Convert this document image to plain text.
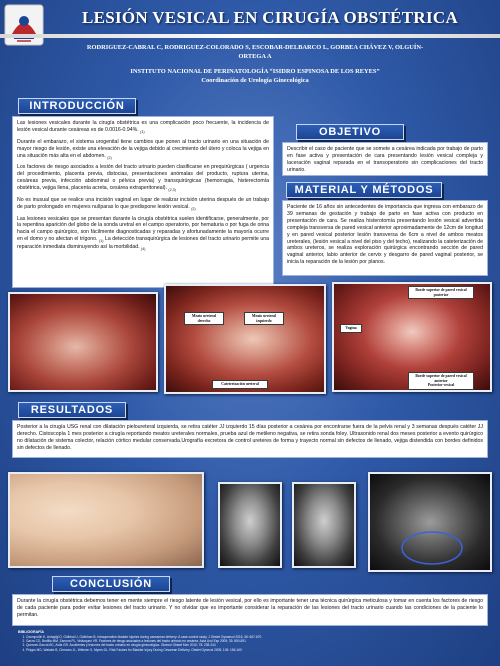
LESIÓN VESICAL EN CIRUGÍA OBSTÉTRICA
RODRIGUEZ-CABRAL C, RODRIGUEZ-COLORADO S, ESCOBAR-DELBARCO L, GORBEA CHÁVEZ V, OLGUÍN-ORTEGA A
INSTITUTO NACIONAL DE PERINATOLOGÍA “ISIDRO ESPINOSA DE LOS REYES”
Coordinación de Urología Ginecológica
INTRODUCCIÓN

Las lesiones vesicales durante la cirugía obstétrica es una complicación poco frecuente, la incidencia de lesión vesical durante cesáreas es de 0.0016-0.94%. $_{(1)}$

Durante el embarazo, el sistema urogenital tiene cambios que ponen al tracto urinario en una situación de mayor riesgo de lesión, existe una elevación de la vejiga debido al crecimiento del útero y coloca la vejiga en una situación más alta en el abdomen. $_{(2)}$

Los factores de riesgo asociados a lesión del tracto urinario pueden clasificarse en prequirúrgicas ( urgencia del procedimiento, placenta previa, distocias, presentaciones anómalas del producto, ruptura uterina, cesáreas previa, infección abdominal o pélvica previa) y transquirúrgicas (hemorragia, histerectomía obstétrica, vejiga llena, placenta acreta, cesárea extraperitoneal). $_{(2,3)}$

No es inusual que se realice una incisión vaginal en lugar de realizar incisión uterina después de un trabajo de parto prolongado en mujeres nulíparas lo que predispone lesión vesical. $_{(2)}$

Las lesiones vesicales que se presentan durante la cirugía obstétrica suelen identificarse, generalmente, por la repentina aparición del globo de la sonda uretral en el campo operatorio, por hematuria o por fuga de orina hacia el campo quirúrgico, son fácilmente diagnosticadas y reparadas y afortunadamente la mayoría ocurre en el domo y no afectan el trígono. $_{(1)}$ La detección transquirúrgica de lesiones del tracto urinario permite una reparación inmediata disminuyendo así la morbilidad. $_{(4)}$

OBJETIVO

Describir el caso de paciente que se somete a cesárea indicada por trabajo de parto en fase activa y presentación de cara presentando lesión vesical compleja y laceración vaginal reparada en el transoperatorio sin complicaciones del tracto urinario.

MATERIAL Y MÉTODOS

Paciente de 16 años sin antecedentes de importancia que ingresa con embarazo de 39 semanas de gestación y trabajo de parto en fase activa con producto en presentación de cara. Se realiza histerotomía presentando lesión vesical advertida compleja transversa de pared vesical anterior aproximadamente de 12cm de longitud y en pared vesical posterior lesión transversa de 6cm a nivel de ambos meatos ureterales, (lesión vesical a nivel del piso y del techo), realizando la cateterización de ambos ureteros, se realiza exploración quirúrgica encontrando sección de pared vaginal anterior, labio anterior de cervix y desgarro de pared vaginal posterior, se inicia la reparación de la lesión por planos.

Meato ureteral derecho
Meato ureteral izquierdo
Cateterización ureteral
Borde superior de pared vesical posterior
Vagina
Borde superior de pared vesical anterior
Posterior vesical
RESULTADOS

Posterior a la cirugía USG renal con dilatación pieloureteral izquierda, se retira catéter JJ izquierdo 15 días posterior a cesárea por encontrarse fuera de la pelvis renal y 3 semanas después catéter JJ derecho. Cistoscopía 1 mes posterior a cirugía reportando meatos ureterales normales, prueba azul de metileno negativa, se retira sonda foley. Ultrasonido renal dos meses posterior a evento quirúrgico no dilatación de sistema colector, relación córtico medular conservada.Urografía excretora de control ureteres de forma y trayecto normal sin defectos de llenado, vejiga distendida con bordes definidos sin defectos de llenado.

CONCLUSIÓN

Durante la cirugía obstétrica debemos tener en mente siempre el riesgo latente de lesión vesical, por ello es importante tener una técnica quirúrgica meticulosa y tomar en cuenta los factores de riesgo de cada paciente para poder evitar lesiones del tracto urinario. Y no olvidar que es importante considerar la reparación de las lesiones del tracto urinario cuando las condiciones de la paciente lo permitan.

BIBLIOGRAFÍA
1. Ozumpolöh K, Ardayiği O, Gülbhal U, Gökhhan B. Intraoperative bladder injuries during caesarean delivery: A case control study. J Obstet Gynaecol 2016; 36: 667-670
2. Garza CG, Bedilla MM, Zamora PL, Velázquez VR. Factores de riesgo asociados a lesiones del tracto urinario en cesárea. Acta Urol Esp 2009; 33: 890-891
3. Quesnel-García BC, Avila GR. Accidentes y lesiones del tracto urinario en cirugía ginecológica. Ginecol Obstet Mex 2010; 78: 238-244
4. Phipps MG, Watabe B, Clemons JL, Weitzen S, Myers DL. Risk Factors for Bladder Injury During Cesarean Delivery. Obstet Gynecol 2005; 105: 156-160
